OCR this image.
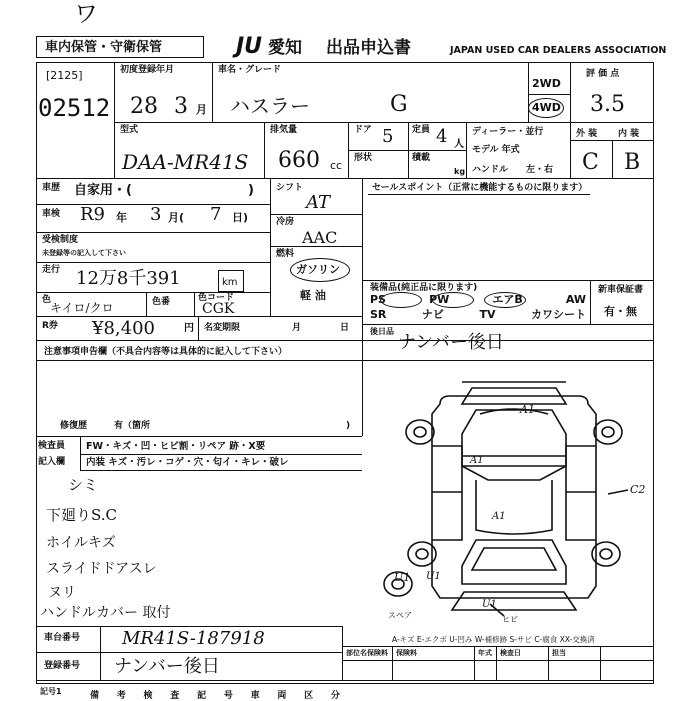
ワ
車内保管・守衛保管	JU 愛知 出品申込書	JAPAN USED CAR DEALERS ASSOCIATION
[2125]
02512
初度登録年月
28 3 月
車名・グレード
ハスラー	G
2WD
4WD
評 価 点
3.5
型式
DAA-MR41S
排気量
660 cc
ドア 5 定員 4 人
形状	積載
kg
ディーラー・並行
モデル 年式
ハンドル 左・右
外 装 内 装
C B
車歴 自家用・(	)
車検 R9 年 3 月( 7 日)
受検制度
未登録等の記入して下さい
走行 12万8千391	km
色
キイロ/クロ	色番	色コード
CGK
R券 ¥8,400	円 名変期限	月	日
シフト
AT
冷房
AAC
燃料
ガソリン
軽 油
セールスポイント（正常に機能するものに限ります）
装備品(純正品に限ります)
PS	PW	エアB	AW
SR	ナビ	TV	カワシート
新車保証書
有・無
後日品
ナンバー後日
注意事項申告欄（不具合内容等は具体的に記入して下さい）
修復歴	有（箇所	)
検査員
記入欄
FW・キズ・凹・ヒビ割・リペア 跡・X要
内装 キズ・汚レ・コゲ・穴・匂イ・キレ・破レ
シミ
下廻りS.C
ホイルキズ
スライドドアスレ
ヌリ
ハンドルカバー 取付
車台番号 MR41S-187918
登録番号 ナンバー後日
記号1	備 考 検 査 記 号 車 両 区 分
部位名保険料 保険料	年式 検査日	担当
A-キズ E-エクボ U-凹み W-補修跡 S-サビ C-腐食 XX-交換済
A1
A1
A1
C2
U1 U1
U1
スペア	ヒビ
